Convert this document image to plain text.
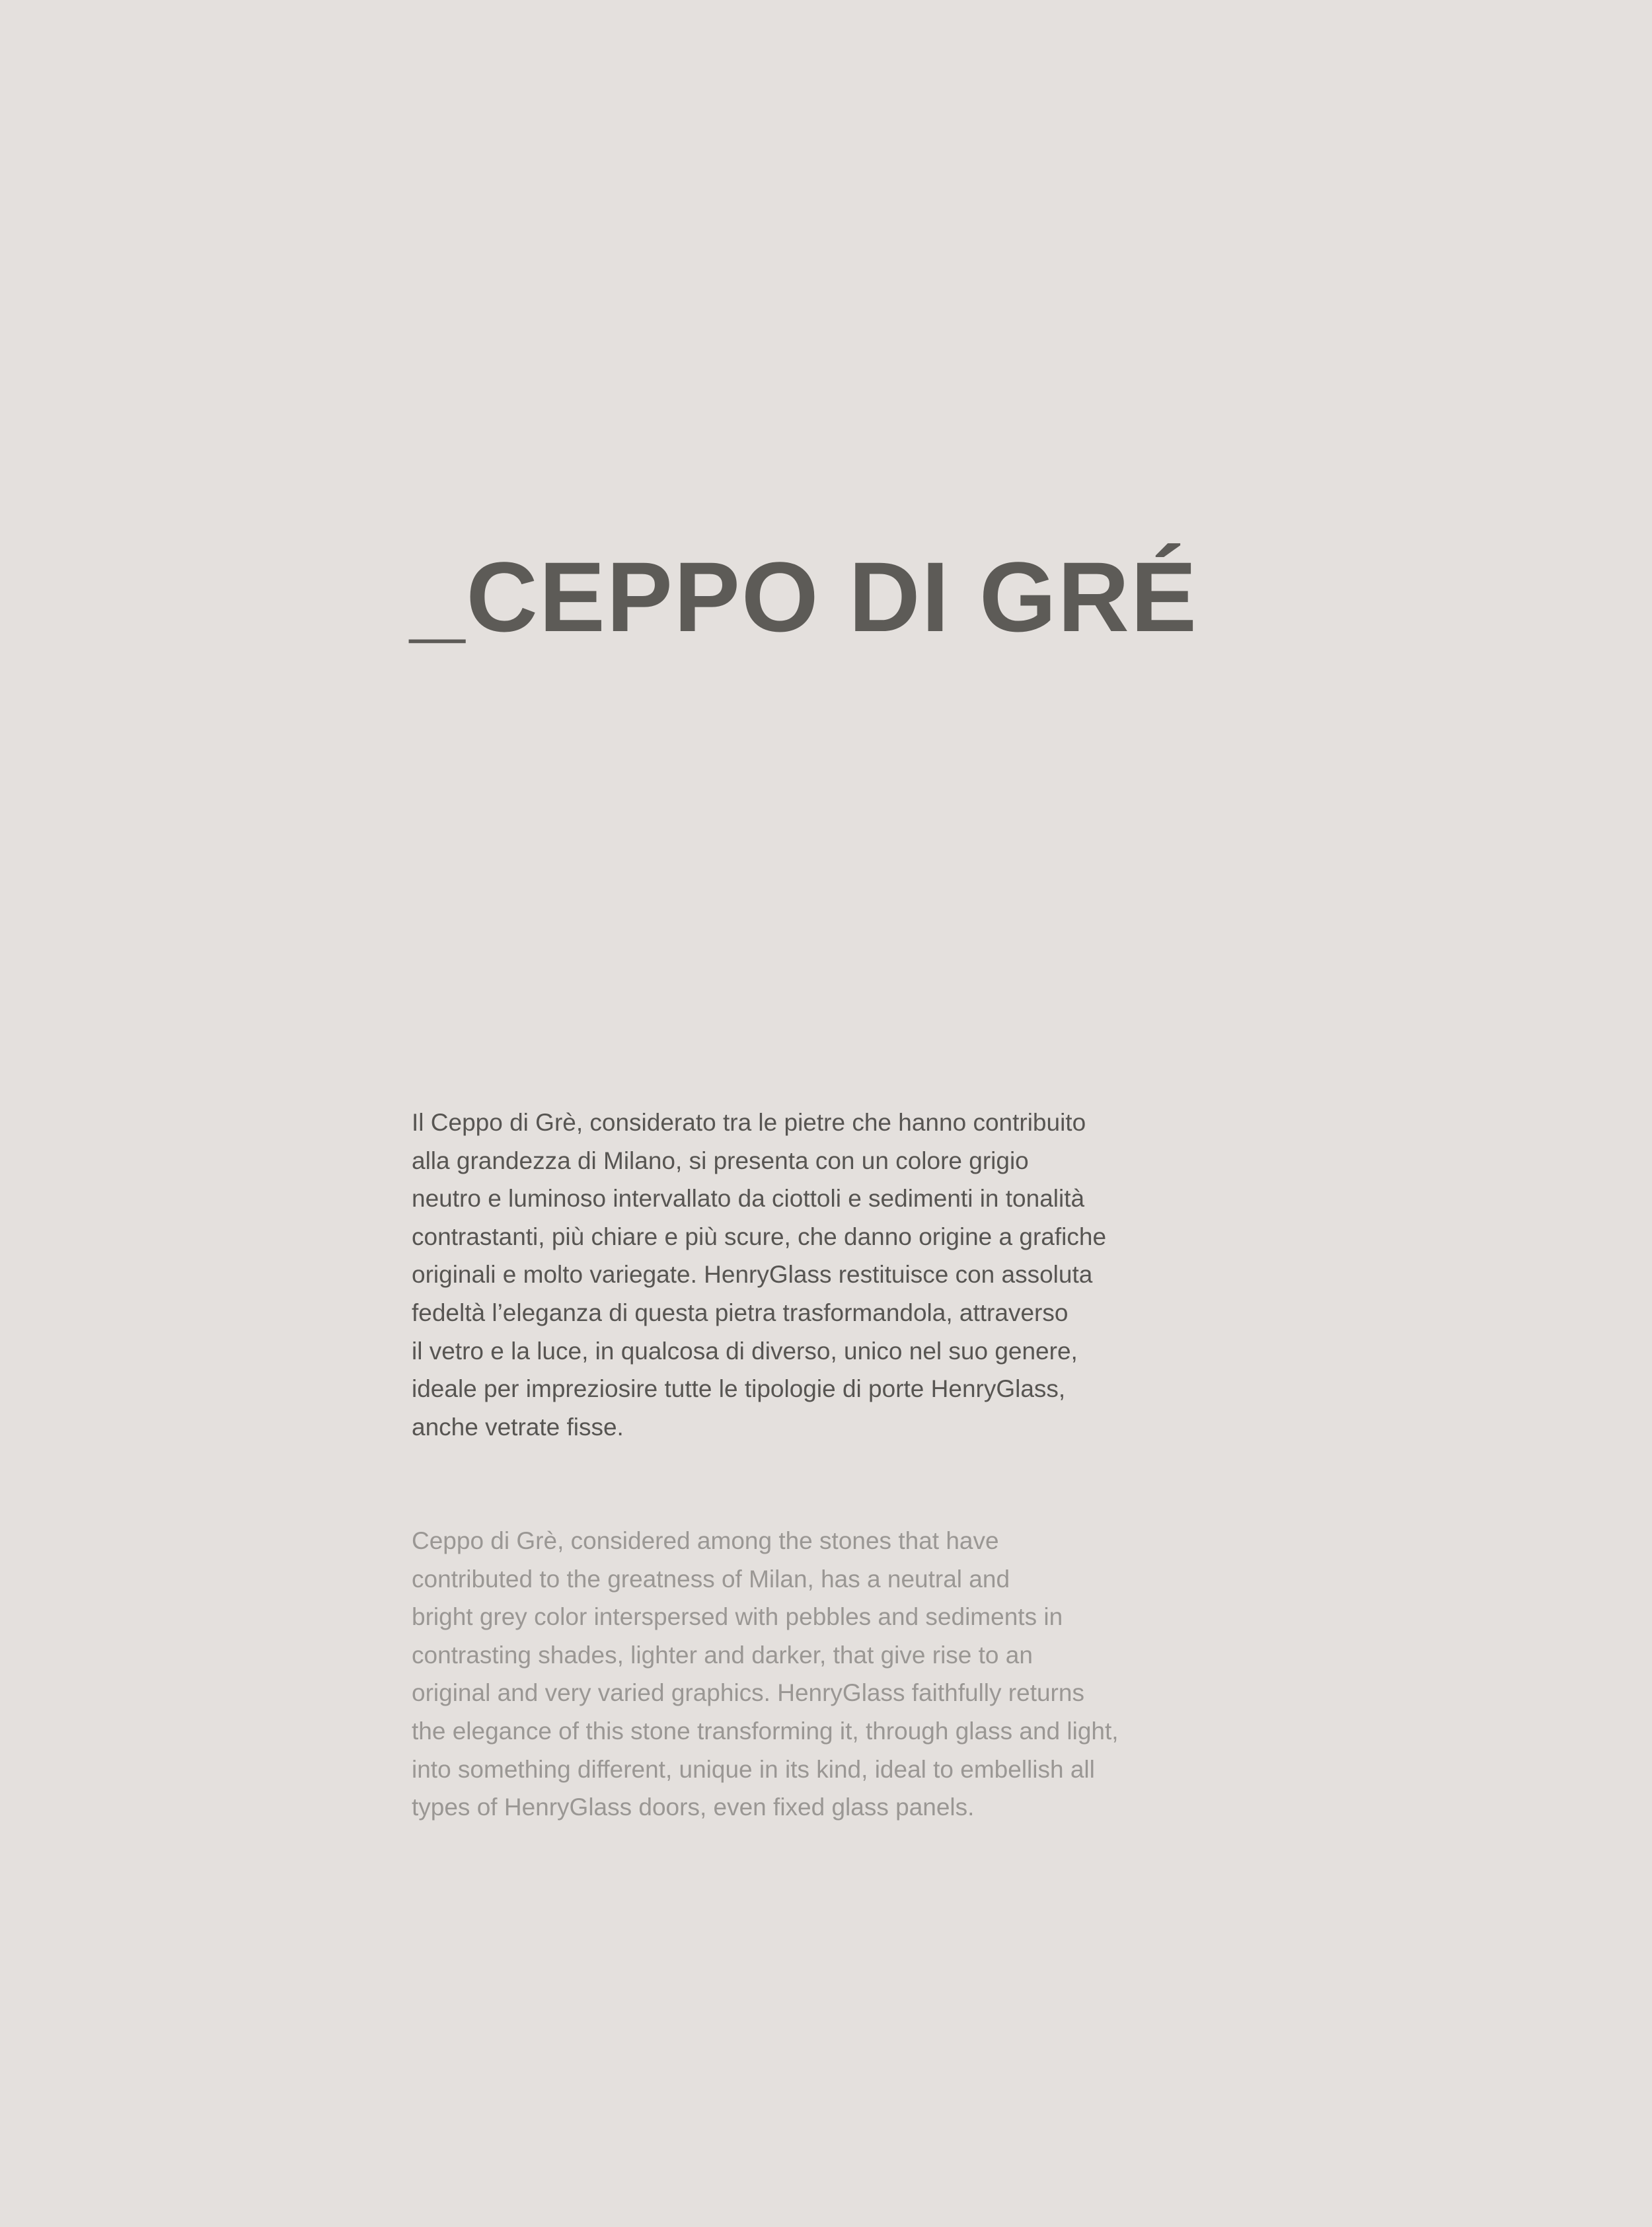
_CEPPO DI GRÉ

Il Ceppo di Grè, considerato tra le pietre che hanno contribuito
alla grandezza di Milano, si presenta con un colore grigio
neutro e luminoso intervallato da ciottoli e sedimenti in tonalità
contrastanti, più chiare e più scure, che danno origine a grafiche
originali e molto variegate. HenryGlass restituisce con assoluta
fedeltà l’eleganza di questa pietra trasformandola, attraverso
il vetro e la luce, in qualcosa di diverso, unico nel suo genere,
ideale per impreziosire tutte le tipologie di porte HenryGlass,
anche vetrate fisse.

Ceppo di Grè, considered among the stones that have
contributed to the greatness of Milan, has a neutral and
bright grey color interspersed with pebbles and sediments in
contrasting shades, lighter and darker, that give rise to an
original and very varied graphics. HenryGlass faithfully returns
the elegance of this stone transforming it, through glass and light,
into something different, unique in its kind, ideal to embellish all
types of HenryGlass doors, even fixed glass panels.
